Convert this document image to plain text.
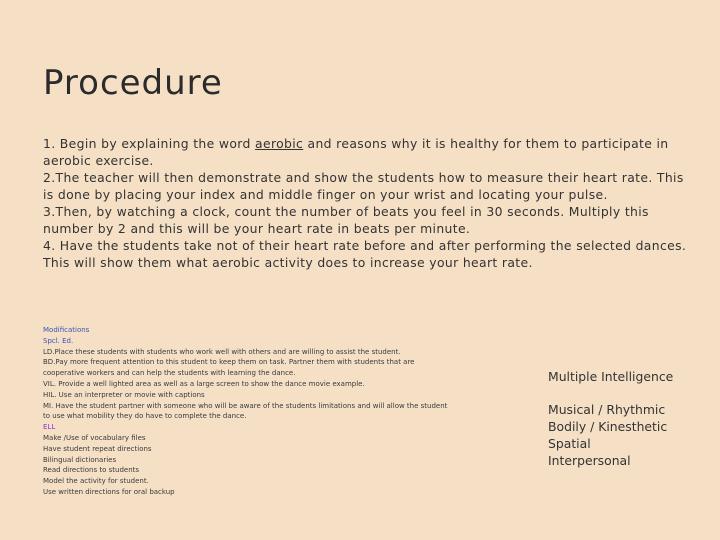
Procedure

1. Begin by explaining the word aerobic and reasons why it is healthy for them to participate in aerobic exercise.

2.The teacher will then demonstrate and show the students how to measure their heart rate. This is done by placing your index and middle finger on your wrist and locating your pulse.

3.Then, by watching a clock, count the number of beats you feel in 30 seconds. Multiply this number by 2 and this will be your heart rate in beats per minute.

4. Have the students take not of their heart rate before and after performing the selected dances. This will show them what aerobic activity does to increase your heart rate.

Modifications

Spcl. Ed.

LD.Place these students with students who work well with others and are willing to assist the student.

BD.Pay more frequent attention to this student to keep them on task. Partner them with students that are cooperative workers and can help the students with learning the dance.

VIL. Provide a well lighted area as well as a large screen to show the dance movie example.

HIL. Use an interpreter or movie with captions

MI. Have the student partner with someone who will be aware of the students limitations and will allow the student to use what mobility they do have to complete the dance.

ELL

Make /Use of vocabulary files

Have student repeat directions

Bilingual dictionaries

Read directions to students

Model the activity for student.

Use written directions for oral backup

Multiple Intelligence

Musical / Rhythmic

Bodily / Kinesthetic

Spatial

Interpersonal
